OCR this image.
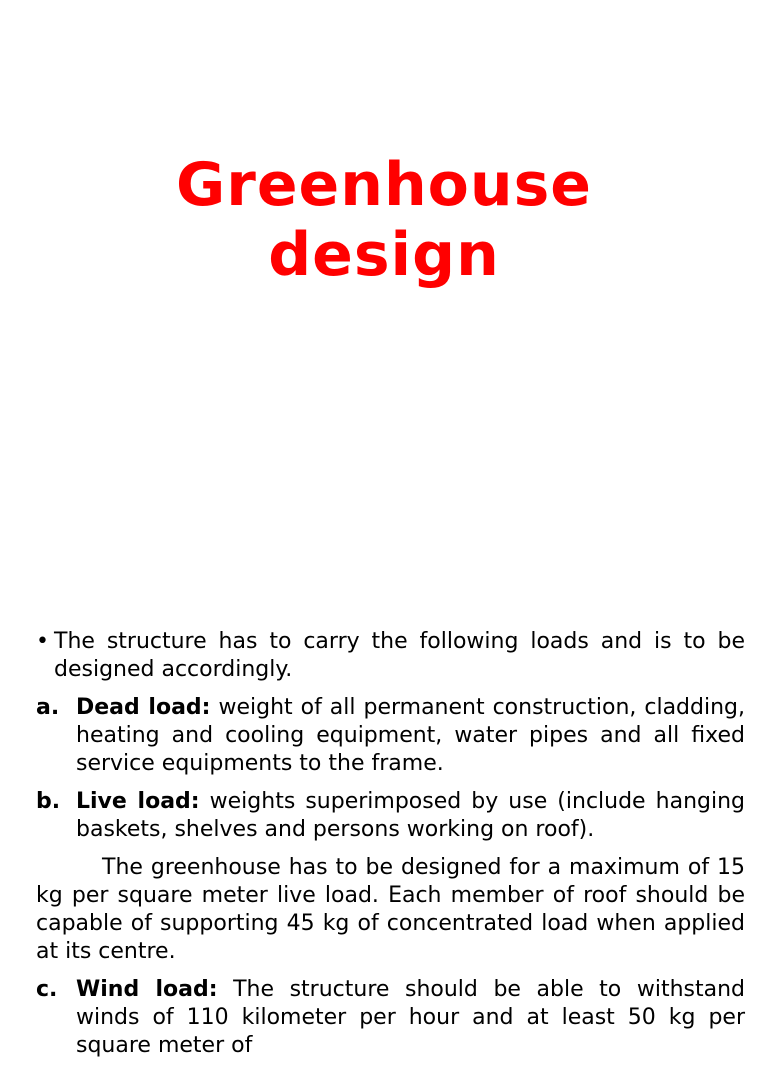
Greenhouse
design
• The structure has to carry the following loads and is to be designed accordingly.
a. Dead load: weight of all permanent construction, cladding, heating and cooling equipment, water pipes and all fixed service equipments to the frame.
b. Live load: weights superimposed by use (include hanging baskets, shelves and persons working on roof).
The greenhouse has to be designed for a maximum of 15 kg per square meter live load. Each member of roof should be capable of supporting 45 kg of concentrated load when applied at its centre.
c. Wind load: The structure should be able to withstand winds of 110 kilometer per hour and at least 50 kg per square meter of
